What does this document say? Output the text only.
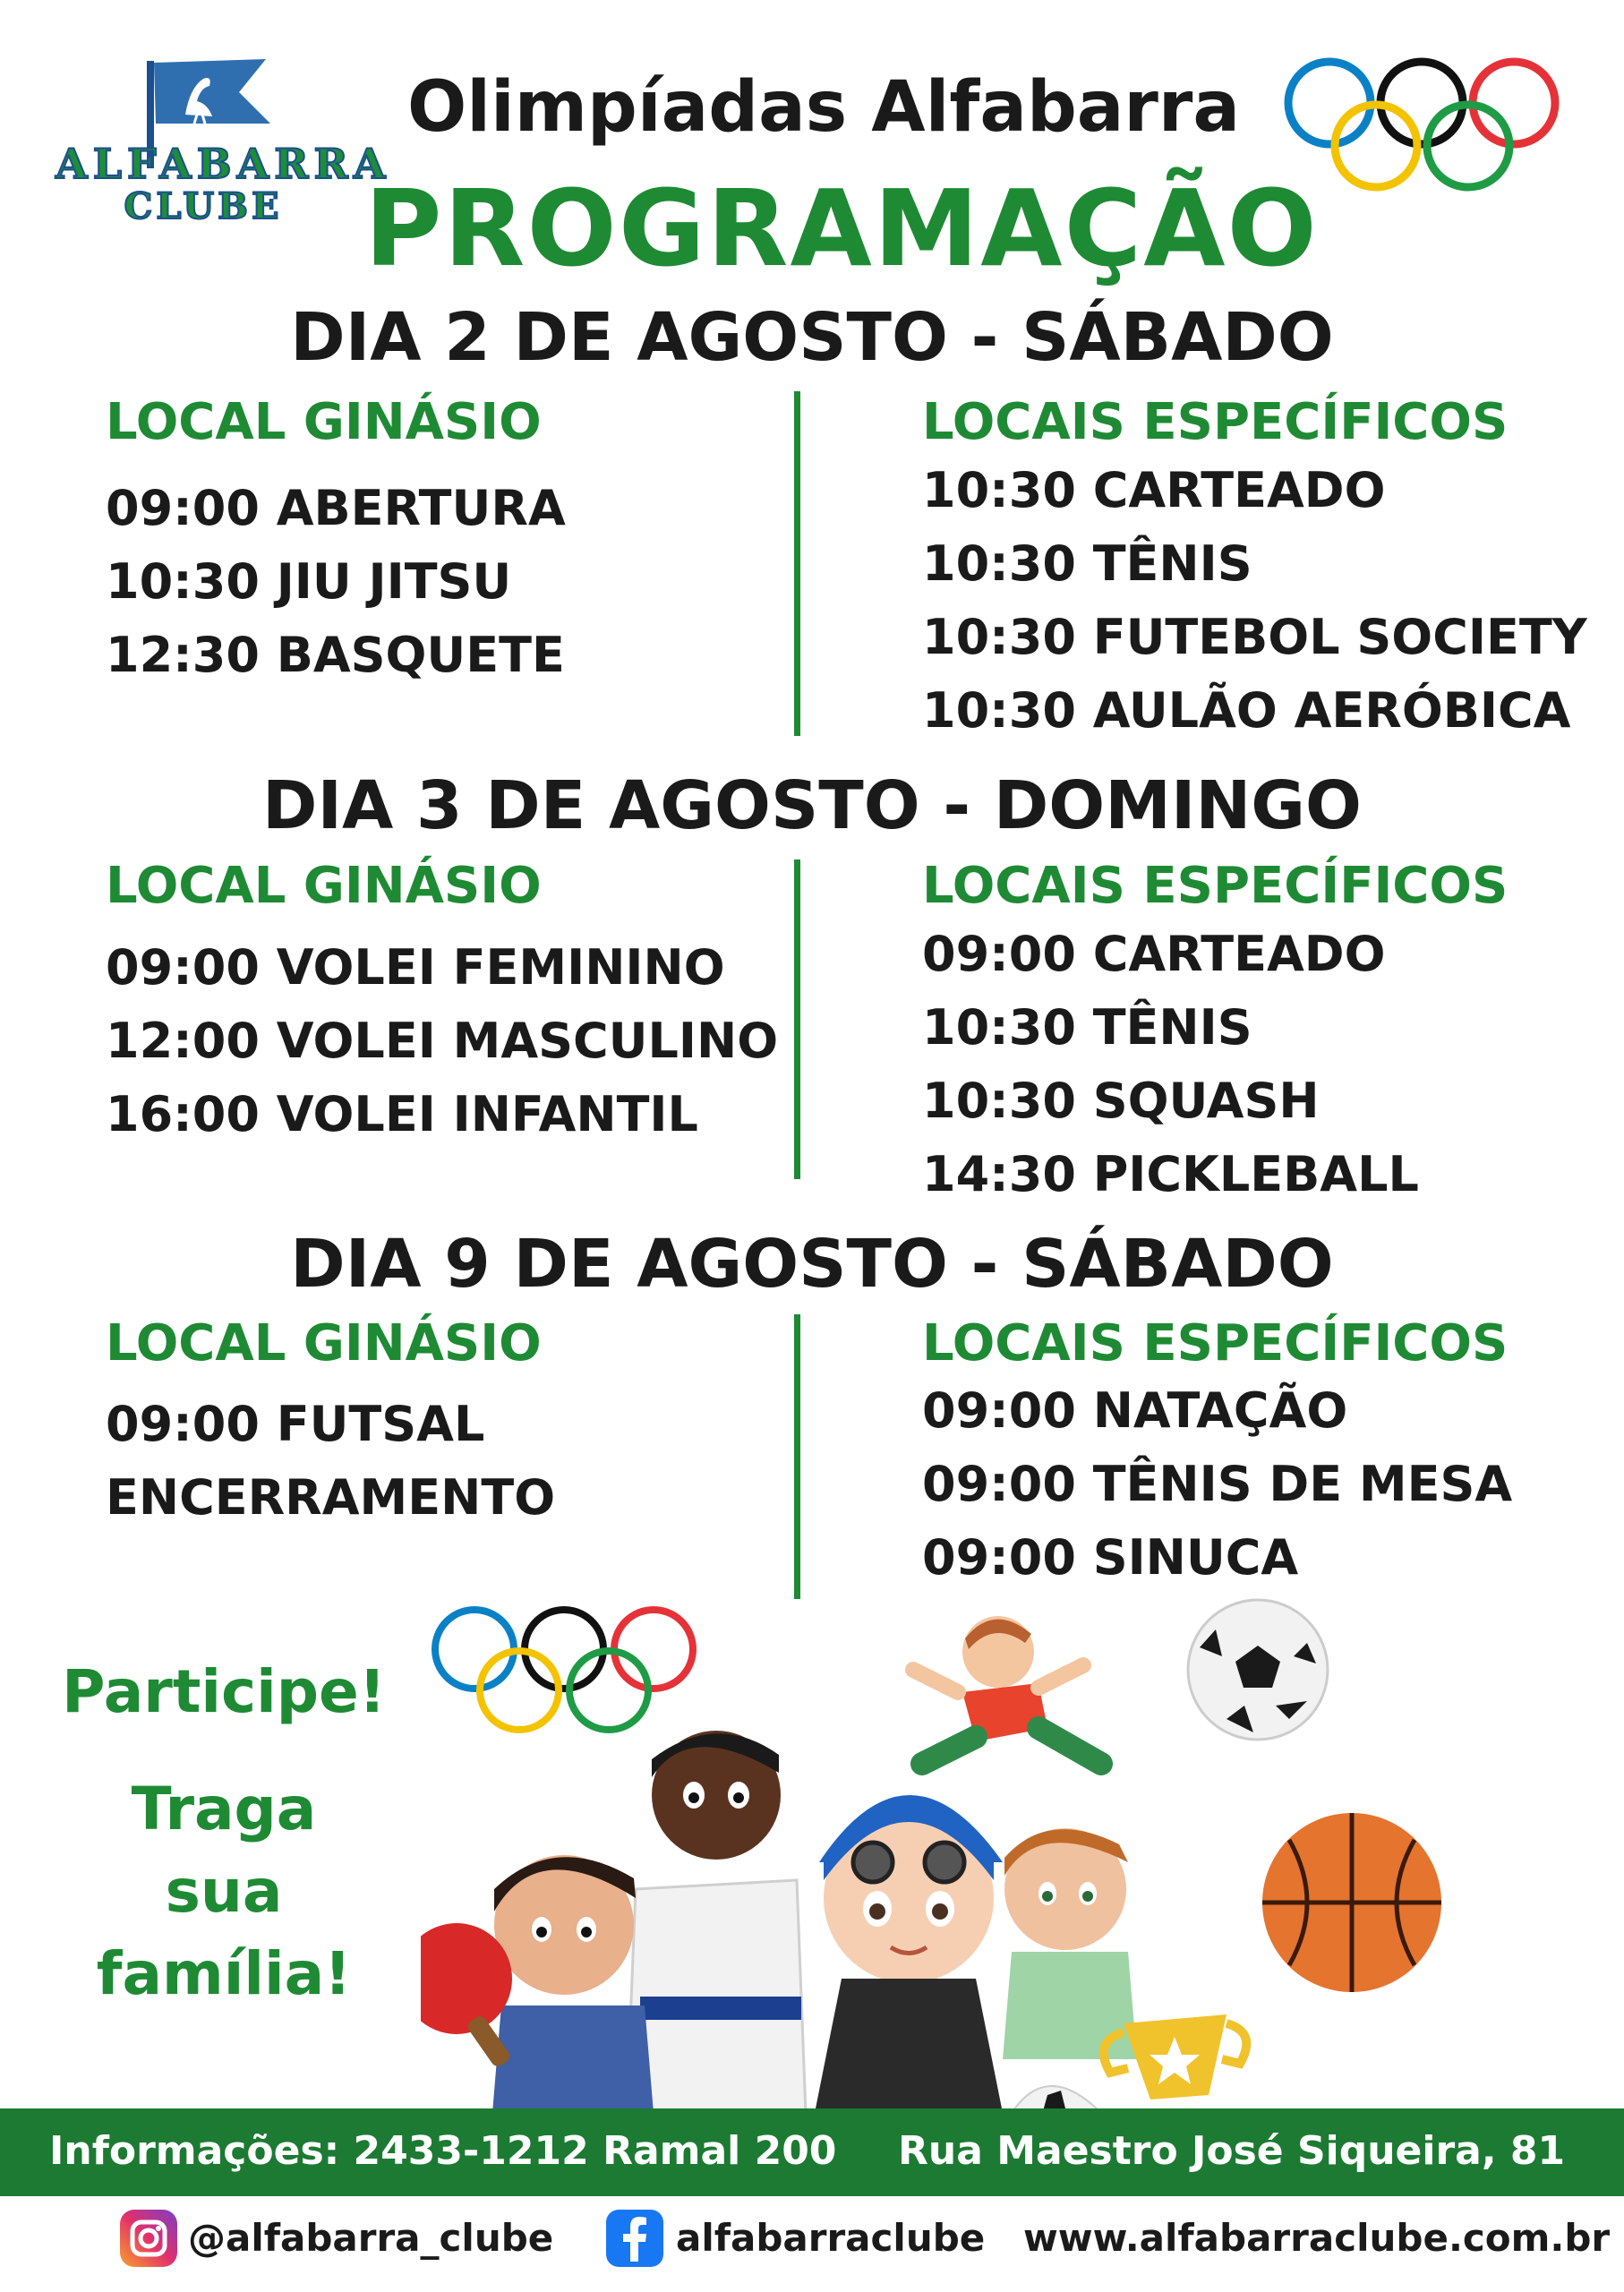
ALFABARRA
CLUBE
Olimpíadas Alfabarra
PROGRAMAÇÃO
DIA 2 DE AGOSTO - SÁBADO
LOCAL GINÁSIO
09:00 ABERTURA
10:30 JIU JITSU
12:30 BASQUETE
LOCAIS ESPECÍFICOS
10:30 CARTEADO
10:30 TÊNIS
10:30 FUTEBOL SOCIETY
10:30 AULÃO AERÓBICA
DIA 3 DE AGOSTO - DOMINGO
LOCAL GINÁSIO
09:00 VOLEI FEMININO
12:00 VOLEI MASCULINO
16:00 VOLEI INFANTIL
LOCAIS ESPECÍFICOS
09:00 CARTEADO
10:30 TÊNIS
10:30 SQUASH
14:30 PICKLEBALL
DIA 9 DE AGOSTO - SÁBADO
LOCAL GINÁSIO
09:00 FUTSAL
ENCERRAMENTO
LOCAIS ESPECÍFICOS
09:00 NATAÇÃO
09:00 TÊNIS DE MESA
09:00 SINUCA
Participe!
Traga
sua
família!
Informações: 2433-1212 Ramal 200 Rua Maestro José Siqueira, 81
@alfabarra_clube	alfabarraclube www.alfabarraclube.com.br
